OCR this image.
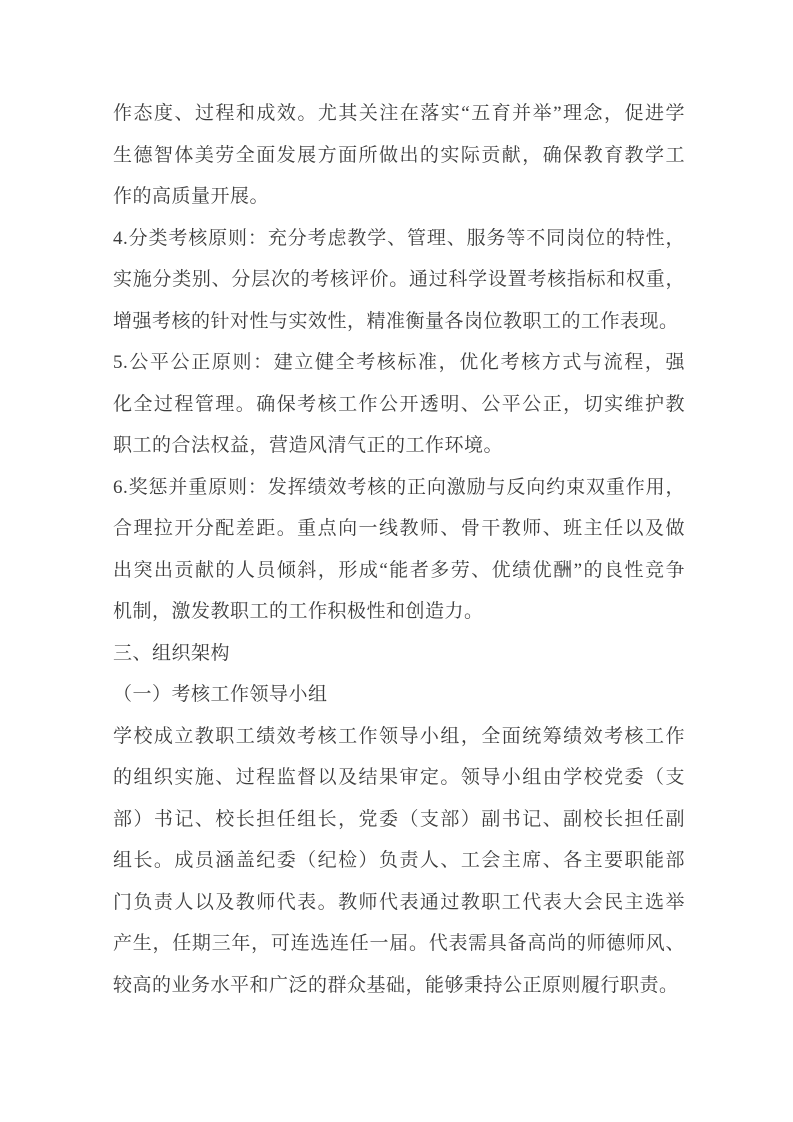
作态度、过程和成效。尤其关注在落实“五育并举”理念，促进学
生德智体美劳全面发展方面所做出的实际贡献，确保教育教学工
作的高质量开展。
4.分类考核原则：充分考虑教学、管理、服务等不同岗位的特性，
实施分类别、分层次的考核评价。通过科学设置考核指标和权重，
增强考核的针对性与实效性，精准衡量各岗位教职工的工作表现。
5.公平公正原则：建立健全考核标准，优化考核方式与流程，强
化全过程管理。确保考核工作公开透明、公平公正，切实维护教
职工的合法权益，营造风清气正的工作环境。
6.奖惩并重原则：发挥绩效考核的正向激励与反向约束双重作用，
合理拉开分配差距。重点向一线教师、骨干教师、班主任以及做
出突出贡献的人员倾斜，形成“能者多劳、优绩优酬”的良性竞争
机制，激发教职工的工作积极性和创造力。
三、组织架构
（一）考核工作领导小组
学校成立教职工绩效考核工作领导小组，全面统筹绩效考核工作
的组织实施、过程监督以及结果审定。领导小组由学校党委（支
部）书记、校长担任组长，党委（支部）副书记、副校长担任副
组长。成员涵盖纪委（纪检）负责人、工会主席、各主要职能部
门负责人以及教师代表。教师代表通过教职工代表大会民主选举
产生，任期三年，可连选连任一届。代表需具备高尚的师德师风、
较高的业务水平和广泛的群众基础，能够秉持公正原则履行职责。
